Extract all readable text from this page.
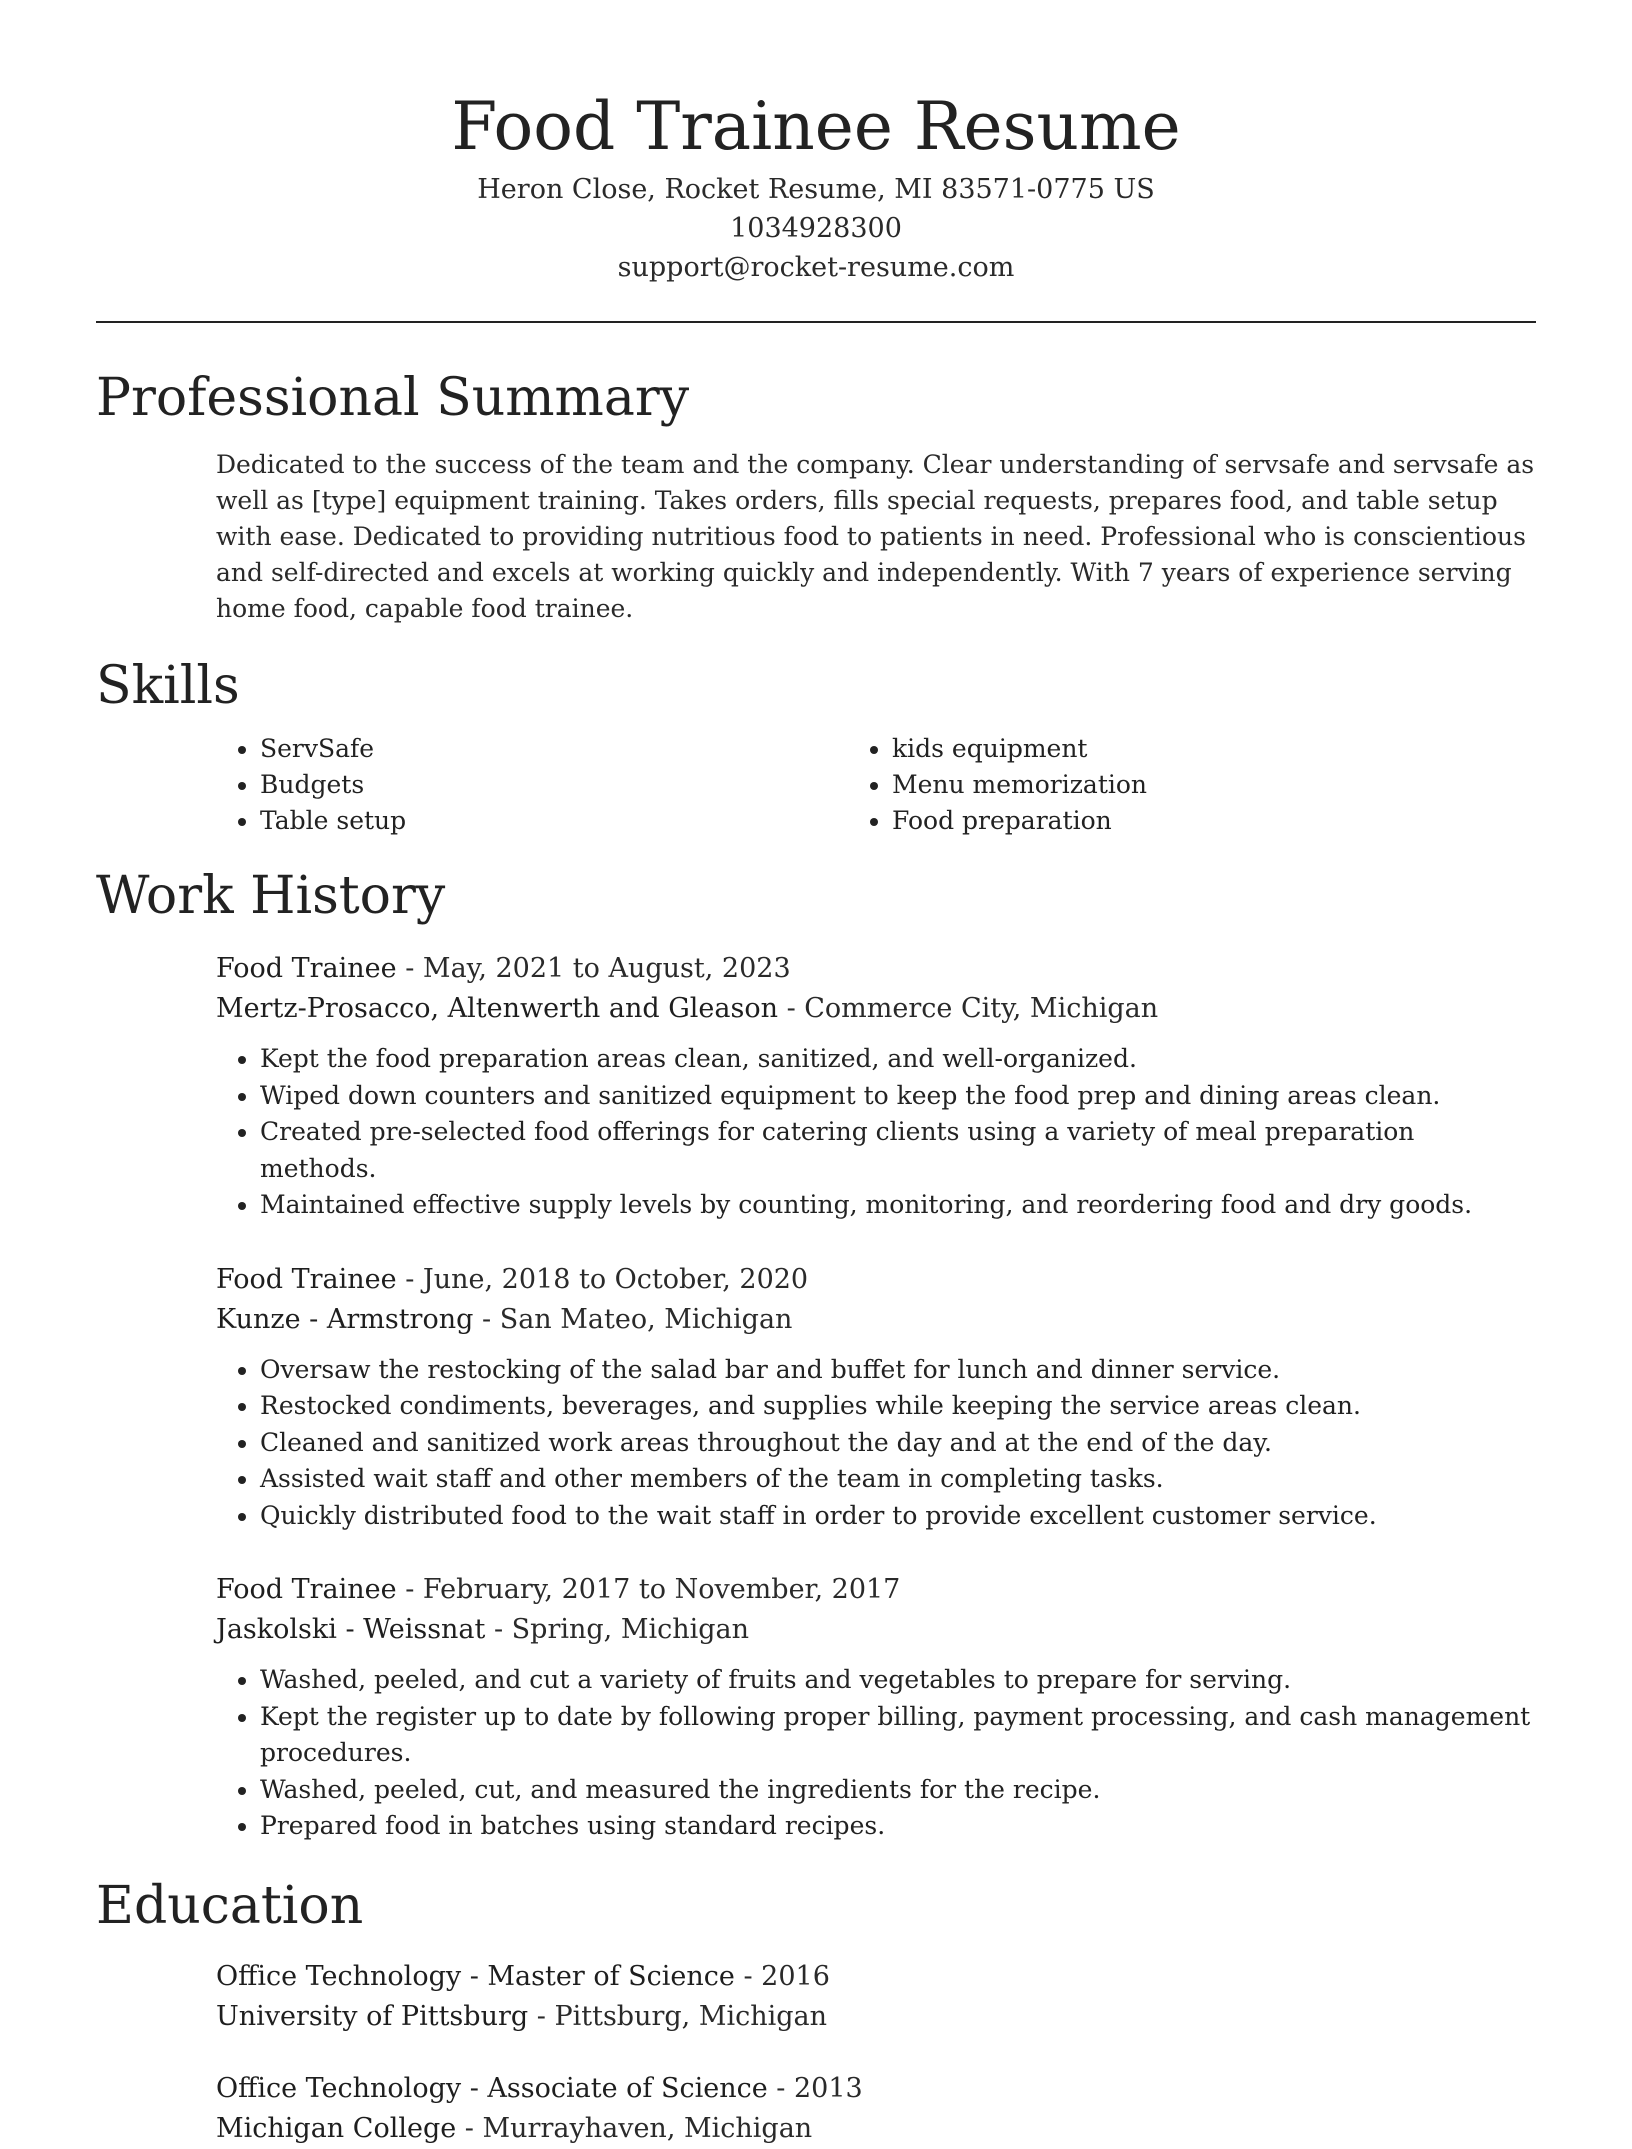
Food Trainee Resume
Heron Close, Rocket Resume, MI 83571-0775 US
1034928300
support@rocket-resume.com
Professional Summary
Dedicated to the success of the team and the company. Clear understanding of servsafe and servsafe as well as [type] equipment training. Takes orders, fills special requests, prepares food, and table setup with ease. Dedicated to providing nutritious food to patients in need. Professional who is conscientious and self-directed and excels at working quickly and independently. With 7 years of experience serving home food, capable food trainee.
Skills
• ServSafe
• Budgets
• Table setup
• kids equipment
• Menu memorization
• Food preparation
Work History
Food Trainee - May, 2021 to August, 2023
Mertz-Prosacco, Altenwerth and Gleason - Commerce City, Michigan
• Kept the food preparation areas clean, sanitized, and well-organized.
• Wiped down counters and sanitized equipment to keep the food prep and dining areas clean.
• Created pre-selected food offerings for catering clients using a variety of meal preparation methods.
• Maintained effective supply levels by counting, monitoring, and reordering food and dry goods.
Food Trainee - June, 2018 to October, 2020
Kunze - Armstrong - San Mateo, Michigan
• Oversaw the restocking of the salad bar and buffet for lunch and dinner service.
• Restocked condiments, beverages, and supplies while keeping the service areas clean.
• Cleaned and sanitized work areas throughout the day and at the end of the day.
• Assisted wait staff and other members of the team in completing tasks.
• Quickly distributed food to the wait staff in order to provide excellent customer service.
Food Trainee - February, 2017 to November, 2017
Jaskolski - Weissnat - Spring, Michigan
• Washed, peeled, and cut a variety of fruits and vegetables to prepare for serving.
• Kept the register up to date by following proper billing, payment processing, and cash management procedures.
• Washed, peeled, cut, and measured the ingredients for the recipe.
• Prepared food in batches using standard recipes.
Education
Office Technology - Master of Science - 2016
University of Pittsburg - Pittsburg, Michigan
Office Technology - Associate of Science - 2013
Michigan College - Murrayhaven, Michigan
